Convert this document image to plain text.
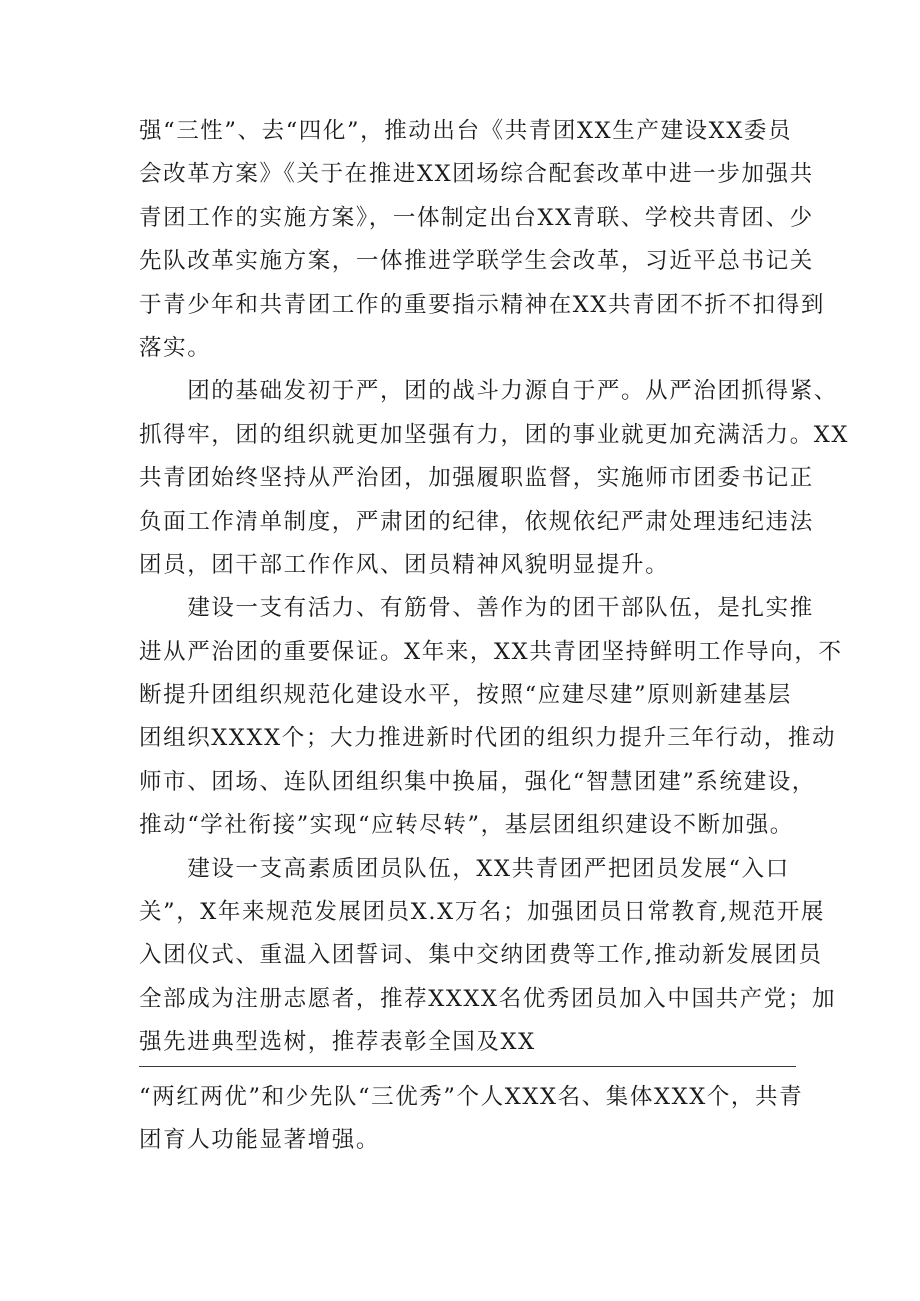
强“三性”、去“四化”，推动出台《共青团XX生产建设XX委员
会改革方案》《关于在推进XX团场综合配套改革中进一步加强共
青团工作的实施方案》，一体制定出台XX青联、学校共青团、少
先队改革实施方案，一体推进学联学生会改革，习近平总书记关
于青少年和共青团工作的重要指示精神在XX共青团不折不扣得到
落实。
　　团的基础发初于严，团的战斗力源自于严。从严治团抓得紧、
抓得牢，团的组织就更加坚强有力，团的事业就更加充满活力。XX
共青团始终坚持从严治团，加强履职监督，实施师市团委书记正
负面工作清单制度，严肃团的纪律，依规依纪严肃处理违纪违法
团员，团干部工作作风、团员精神风貌明显提升。
　　建设一支有活力、有筋骨、善作为的团干部队伍，是扎实推
进从严治团的重要保证。X年来，XX共青团坚持鲜明工作导向，不
断提升团组织规范化建设水平，按照“应建尽建”原则新建基层
团组织XXXX个；大力推进新时代团的组织力提升三年行动，推动
师市、团场、连队团组织集中换届，强化“智慧团建”系统建设，
推动“学社衔接”实现“应转尽转”，基层团组织建设不断加强。
　　建设一支高素质团员队伍，XX共青团严把团员发展“入口
关”，X年来规范发展团员X.X万名；加强团员日常教育,规范开展
入团仪式、重温入团誓词、集中交纳团费等工作,推动新发展团员
全部成为注册志愿者，推荐XXXX名优秀团员加入中国共产党；加
强先进典型选树，推荐表彰全国及XX
“两红两优”和少先队“三优秀”个人XXX名、集体XXX个，共青
团育人功能显著增强。
